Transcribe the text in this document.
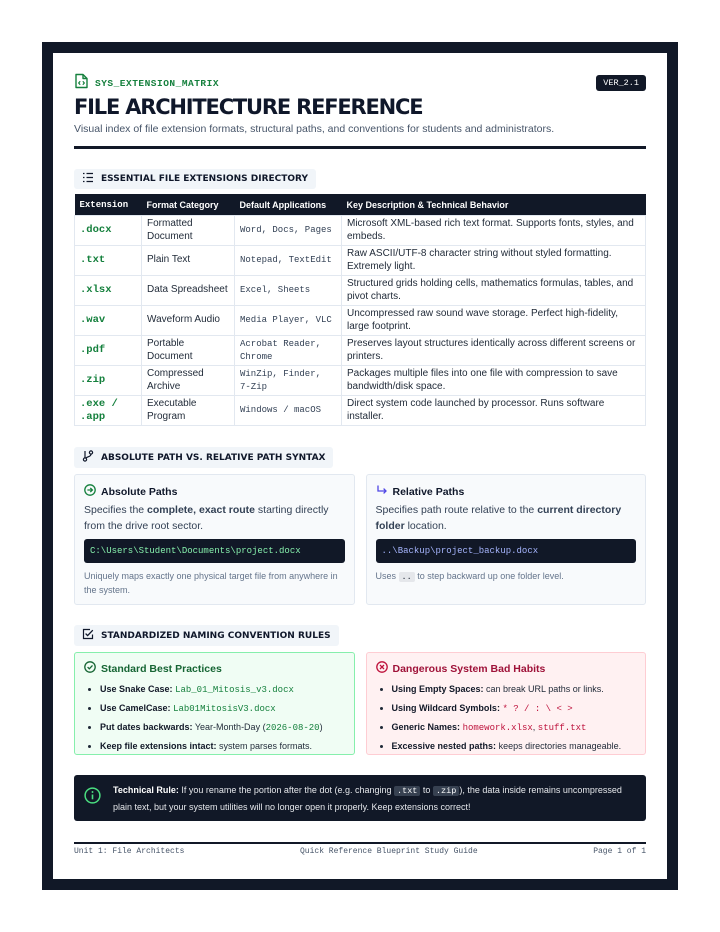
SYS_EXTENSION_MATRIX	VER_2.1
FILE ARCHITECTURE REFERENCE
Visual index of file extension formats, structural paths, and conventions for students and administrators.
ESSENTIAL FILE EXTENSIONS DIRECTORY
Extension	Format Category	Default Applications	Key Description & Technical Behavior
.docx	Formatted Document	Word, Docs, Pages	Microsoft XML-based rich text format. Supports fonts, styles, and embeds.
.txt	Plain Text	Notepad, TextEdit	Raw ASCII/UTF-8 character string without styled formatting. Extremely light.
.xlsx	Data Spreadsheet	Excel, Sheets	Structured grids holding cells, mathematics formulas, tables, and pivot charts.
.wav	Waveform Audio	Media Player, VLC	Uncompressed raw sound wave storage. Perfect high-fidelity, large footprint.
.pdf	Portable Document	Acrobat Reader, Chrome	Preserves layout structures identically across different screens or printers.
.zip	Compressed Archive	WinZip, Finder, 7-Zip	Packages multiple files into one file with compression to save bandwidth/disk space.
.exe / .app	Executable Program	Windows / macOS	Direct system code launched by processor. Runs software installer.
ABSOLUTE PATH VS. RELATIVE PATH SYNTAX
Absolute Paths
Specifies the complete, exact route starting directly from the drive root sector.
C:\Users\Student\Documents\project.docx
Uniquely maps exactly one physical target file from anywhere in the system.
Relative Paths
Specifies path route relative to the current directory folder location.
..\Backup\project_backup.docx
Uses .. to step backward up one folder level.
STANDARDIZED NAMING CONVENTION RULES
Standard Best Practices
• Use Snake Case: Lab_01_Mitosis_v3.docx
• Use CamelCase: Lab01MitosisV3.docx
• Put dates backwards: Year-Month-Day (2026-08-20)
• Keep file extensions intact: system parses formats.
Dangerous System Bad Habits
• Using Empty Spaces: can break URL paths or links.
• Using Wildcard Symbols: * ? / : \ < >
• Generic Names: homework.xlsx, stuff.txt
• Excessive nested paths: keeps directories manageable.
Technical Rule: If you rename the portion after the dot (e.g. changing .txt to .zip ), the data inside remains uncompressed plain text, but your system utilities will no longer open it properly. Keep extensions correct!
Unit 1: File Architects	Quick Reference Blueprint Study Guide	Page 1 of 1
